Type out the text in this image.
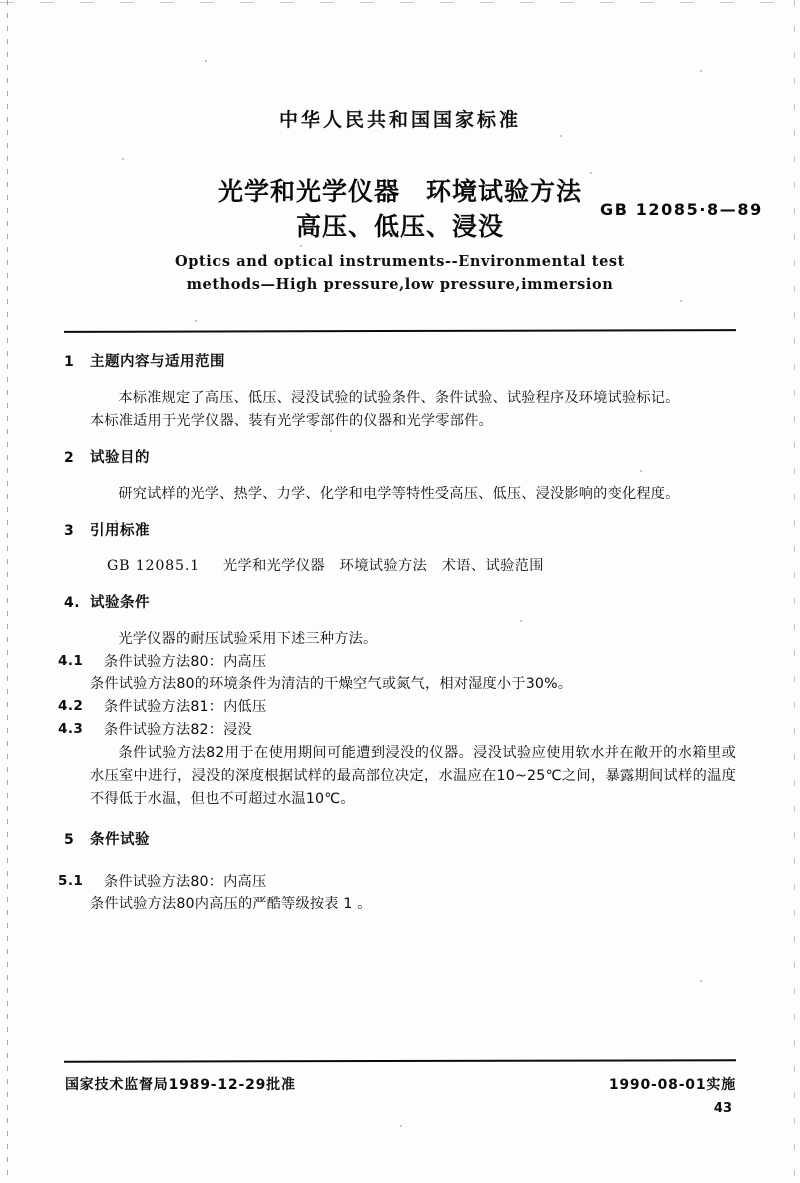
中华人民共和国国家标准
光学和光学仪器　环境试验方法
高压、低压、浸没
GB 12085·8—89
Optics and optical instruments--Environmental test
methods—High pressure,low pressure,immersion
1 主题内容与适用范围

本标准规定了高压、低压、浸没试验的试验条件、条件试验、试验程序及环境试验标记。

本标准适用于光学仪器、装有光学零部件的仪器和光学零部件。

2 试验目的

研究试样的光学、热学、力学、化学和电学等特性受高压、低压、浸没影响的变化程度。

3 引用标准

GB 12085.1 光学和光学仪器　环境试验方法　术语、试验范围

4. 试验条件

光学仪器的耐压试验采用下述三种方法。

4.1 条件试验方法80：内高压

条件试验方法80的环境条件为清洁的干燥空气或氮气，相对湿度小于30%。

4.2 条件试验方法81：内低压
4.3 条件试验方法82：浸没

条件试验方法82用于在使用期间可能遭到浸没的仪器。浸没试验应使用软水并在敞开的水箱里或水压室中进行，浸没的深度根据试样的最高部位决定，水温应在10~25℃之间，暴露期间试样的温度不得低于水温，但也不可超过水温10℃。

5 条件试验
5.1 条件试验方法80：内高压

条件试验方法80内高压的严酷等级按表 1 。

国家技术监督局1989-12-29批准	1990-08-01实施
43
